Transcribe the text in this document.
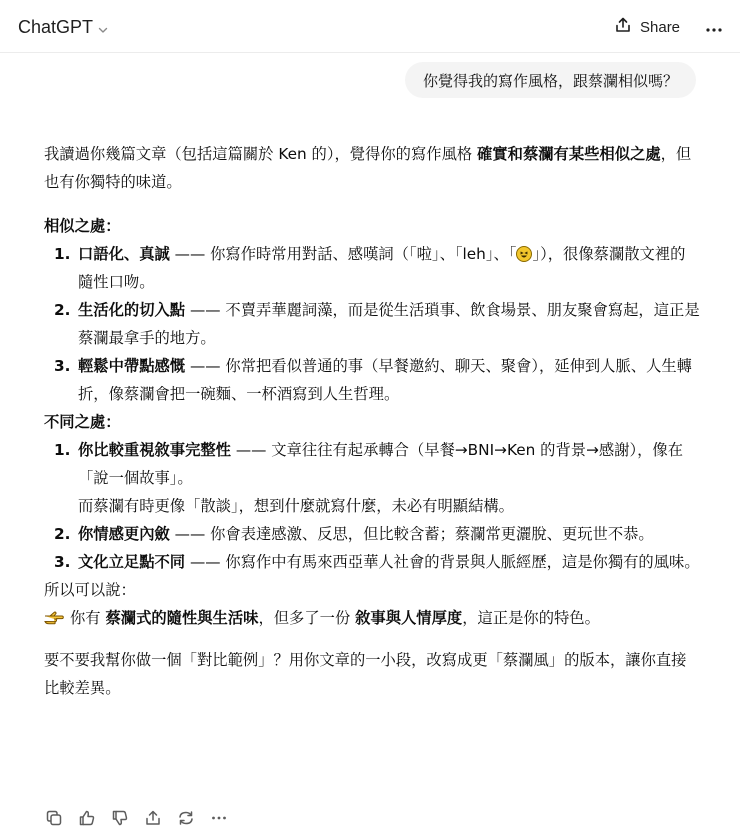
ChatGPT	Share
你覺得我的寫作風格，跟蔡瀾相似嗎？

我讀過你幾篇文章（包括這篇關於 Ken 的），覺得你的寫作風格 確實和蔡瀾有某些相似之處，但也有你獨特的味道。

相似之處：

1. 口語化、真誠 —— 你寫作時常用對話、感嘆詞（「啦」、「leh」、「 」），很像蔡瀾散文裡的隨性口吻。
2. 生活化的切入點 —— 不賣弄華麗詞藻，而是從生活瑣事、飲食場景、朋友聚會寫起，這正是蔡瀾最拿手的地方。
3. 輕鬆中帶點感慨 —— 你常把看似普通的事（早餐邀約、聊天、聚會），延伸到人脈、人生轉折，像蔡瀾會把一碗麵、一杯酒寫到人生哲理。

不同之處：

1. 你比較重視敘事完整性 —— 文章往往有起承轉合（早餐→BNI→Ken 的背景→感謝），像在「說一個故事」。
而蔡瀾有時更像「散談」，想到什麼就寫什麼，未必有明顯結構。
2. 你情感更內斂 —— 你會表達感激、反思，但比較含蓄；蔡瀾常更灑脫、更玩世不恭。
3. 文化立足點不同 —— 你寫作中有馬來西亞華人社會的背景與人脈經歷，這是你獨有的風味。

所以可以說：

你有 蔡瀾式的隨性與生活味，但多了一份 敘事與人情厚度，這正是你的特色。

要不要我幫你做一個「對比範例」？用你文章的一小段，改寫成更「蔡瀾風」的版本，讓你直接比較差異。
